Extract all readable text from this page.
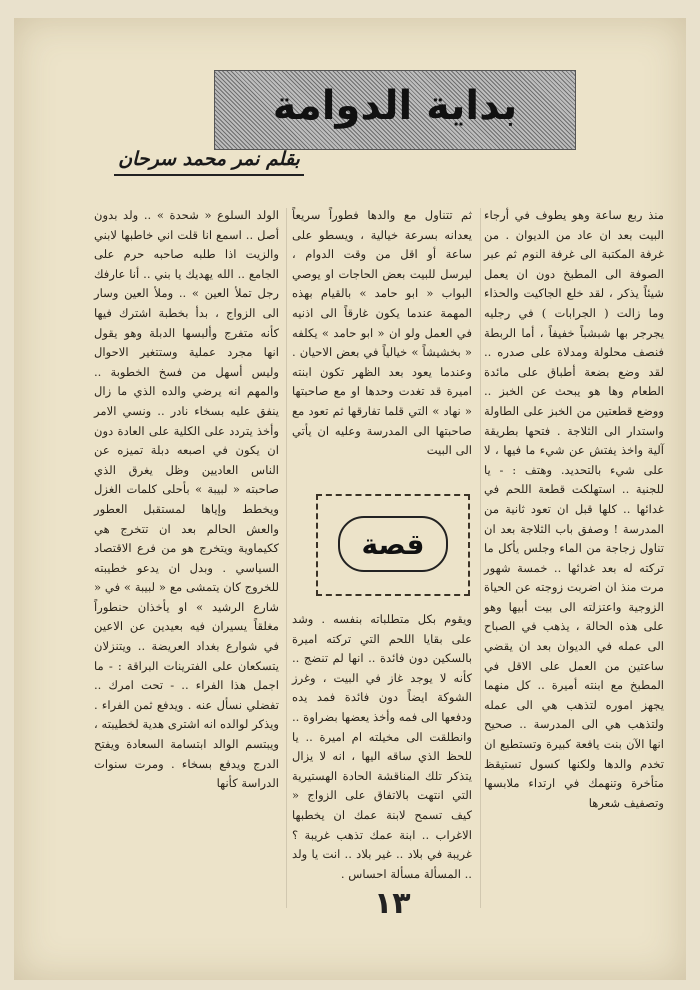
بداية الدوامة
بقلم نمر محمد سرحان

منذ ربع ساعة وهو يطوف في أرجاء البيت بعد ان عاد من الديوان . من غرفة المكتبة الى غرفة النوم ثم عبر الصوفة الى المطبخ دون ان يعمل شيئاً يذكر ، لقد خلع الجاكيت والحذاء وما زالت ( الجرابات ) في رجليه يجرجر بها شبشباً خفيفاً ، أما الربطة فنصف محلولة ومدلاة على صدره .. لقد وضع بضعة أطباق على مائدة الطعام وها هو يبحث عن الخبز .. ووضع قطعتين من الخبز على الطاولة واستدار الى الثلاجة . فتحها بطريقة آلية واخذ يفتش عن شيء ما فيها ، لا على شيء بالتحديد. وهتف : - يا للجنية .. استهلكت قطعة اللحم في غدائها .. كلها قبل ان تعود ثانية من المدرسة ! وصفق باب الثلاجة بعد ان تناول زجاجة من الماء وجلس يأكل ما تركته له بعد غدائها .. خمسة شهور مرت منذ ان اضربت زوجته عن الحياة الزوجية واعتزلته الى بيت أبيها وهو على هذه الحالة ، يذهب في الصباح الى عمله في الديوان بعد ان يقضي ساعتين من العمل على الاقل في المطبخ مع ابنته أميرة .. كل منهما يجهز اموره لتذهب هي الى عمله ولتذهب هي الى المدرسة .. صحيح انها الآن بنت يافعة كبيرة وتستطيع ان تخدم والدها ولكنها كسول تستيقظ متأخرة وتنهمك في ارتداء ملابسها وتصفيف شعرها

ثم تتناول مع والدها فطوراً سريعاً يعدانه بسرعة خيالية ، ويسطو على ساعة أو اقل من وقت الدوام ، ليرسل للبيت بعض الحاجات او يوصي البواب « ابو حامد » بالقيام بهذه المهمة عندما يكون غارقاً الى اذنيه في العمل ولو ان « ابو حامد » يكلفه « بخشيشاً » خيالياً في بعض الاحيان . وعندما يعود بعد الظهر تكون ابنته اميرة قد تغدت وحدها او مع صاحبتها « نهاد » التي قلما تفارقها ثم تعود مع صاحبتها الى المدرسة وعليه ان يأتي الى البيت

قصة

ويقوم بكل متطلباته بنفسه . وشد على بقايا اللحم التي تركته اميرة بالسكين دون فائدة .. انها لم تنضج .. كأنه لا يوجد غاز في البيت ، وغرز الشوكة ايضاً دون فائدة فمد يده ودفعها الى فمه وأخذ يعضها بضراوة .. وانطلقت الى مخيلته ام اميرة .. يا للحظ الذي ساقه اليها ، انه لا يزال يتذكر تلك المناقشة الحادة الهستيرية التي انتهت بالاتفاق على الزواج « كيف تسمح لابنة عمك ان يخطبها الاغراب .. ابنة عمك تذهب غريبة ؟ غريبة في بلاد .. غير بلاد .. انت يا ولد .. المسألة مسألة احساس .

الولد السلوع « شحدة » .. ولد بدون أصل .. اسمع انا قلت اني خاطبها لابني والزيت اذا طلبه صاحبه حرم على الجامع .. الله يهديك يا بني .. أنا عارفك رجل تملأ العين » .. وملأ العين وسار الى الزواج ، بدأ بخطبة اشترك فيها كأنه متفرج وألبسها الدبلة وهو يقول انها مجرد عملية وستتغير الاحوال وليس أسهل من فسخ الخطوبة .. والمهم انه يرضي والده الذي ما زال ينفق عليه بسخاء نادر .. ونسي الامر وأخذ يتردد على الكلية على العادة دون ان يكون في اصبعه دبلة تميزه عن الناس العاديين وظل يغرق الذي صاحبته « لبيبة » بأحلى كلمات الغزل ويخطط وإياها لمستقبل العطور والعش الحالم بعد ان تتخرج هي ككيماوية ويتخرج هو من فرع الاقتصاد السياسي . وبدل ان يدعو خطيبته للخروج كان يتمشى مع « لبيبة » في « شارع الرشيد » او يأخذان حنطوراً مغلقاً يسيران فيه بعيدين عن الاعين في شوارع بغداد العريضة .. ويتنزلان يتسكعان على الفترينات البراقة : - ما اجمل هذا الفراء .. - تحت امرك .. تفضلي نسأل عنه . ويدفع ثمن الفراء . ويذكر لوالده انه اشترى هدية لخطيبته ، ويبتسم الوالد ابتسامة السعادة ويفتح الدرج ويدفع بسخاء . ومرت سنوات الدراسة كأنها

١٣
